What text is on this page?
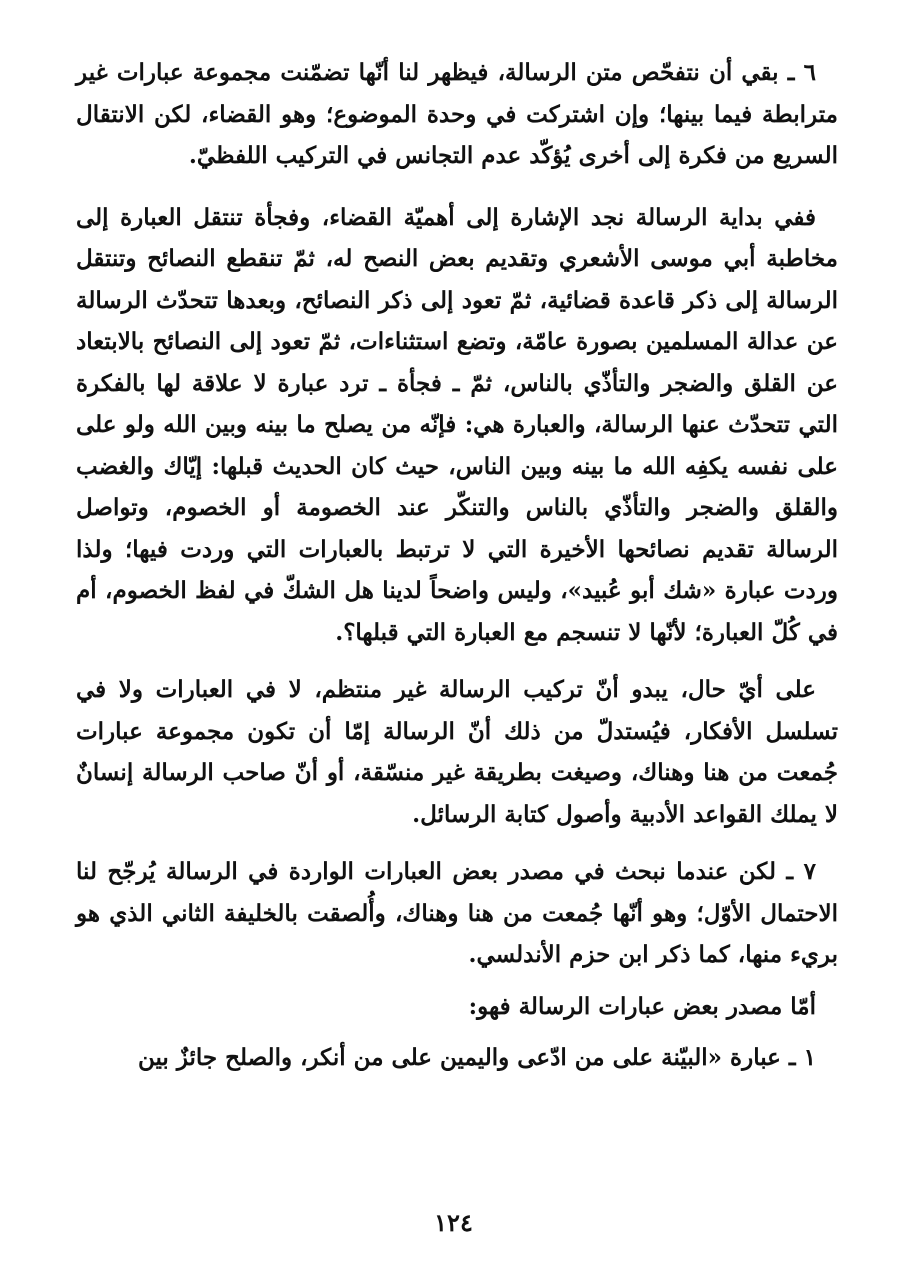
٦ ـ بقي أن نتفحّص متن الرسالة، فيظهر لنا أنّها تضمّنت مجموعة عبارات غير مترابطة فيما بينها؛ وإن اشتركت في وحدة الموضوع؛ وهو القضاء، لكن الانتقال السريع من فكرة إلى أخرى يُؤكّد عدم التجانس في التركيب اللفظيّ.

ففي بداية الرسالة نجد الإشارة إلى أهميّة القضاء، وفجأة تنتقل العبارة إلى مخاطبة أبي موسى الأشعري وتقديم بعض النصح له، ثمّ تنقطع النصائح وتنتقل الرسالة إلى ذكر قاعدة قضائية، ثمّ تعود إلى ذكر النصائح، وبعدها تتحدّث الرسالة عن عدالة المسلمين بصورة عامّة، وتضع استثناءات، ثمّ تعود إلى النصائح بالابتعاد عن القلق والضجر والتأذّي بالناس، ثمّ ـ فجأة ـ ترد عبارة لا علاقة لها بالفكرة التي تتحدّث عنها الرسالة، والعبارة هي: فإنّه من يصلح ما بينه وبين الله ولو على على نفسه يكفِه الله ما بينه وبين الناس، حيث كان الحديث قبلها: إيّاك والغضب والقلق والضجر والتأذّي بالناس والتنكّر عند الخصومة أو الخصوم، وتواصل الرسالة تقديم نصائحها الأخيرة التي لا ترتبط بالعبارات التي وردت فيها؛ ولذا وردت عبارة «شك أبو عُبيد»، وليس واضحاً لدينا هل الشكّ في لفظ الخصوم، أم في كُلّ العبارة؛ لأنّها لا تنسجم مع العبارة التي قبلها؟.

على أيّ حال، يبدو أنّ تركيب الرسالة غير منتظم، لا في العبارات ولا في تسلسل الأفكار، فيُستدلّ من ذلك أنّ الرسالة إمّا أن تكون مجموعة عبارات جُمعت من هنا وهناك، وصيغت بطريقة غير منسّقة، أو أنّ صاحب الرسالة إنسانٌ لا يملك القواعد الأدبية وأصول كتابة الرسائل.

٧ ـ لكن عندما نبحث في مصدر بعض العبارات الواردة في الرسالة يُرجّح لنا الاحتمال الأوّل؛ وهو أنّها جُمعت من هنا وهناك، وأُلصقت بالخليفة الثاني الذي هو بريء منها، كما ذكر ابن حزم الأندلسي.

أمّا مصدر بعض عبارات الرسالة فهو:

١ ـ عبارة «البيّنة على من ادّعى واليمين على من أنكر، والصلح جائزٌ بين

١٢٤
